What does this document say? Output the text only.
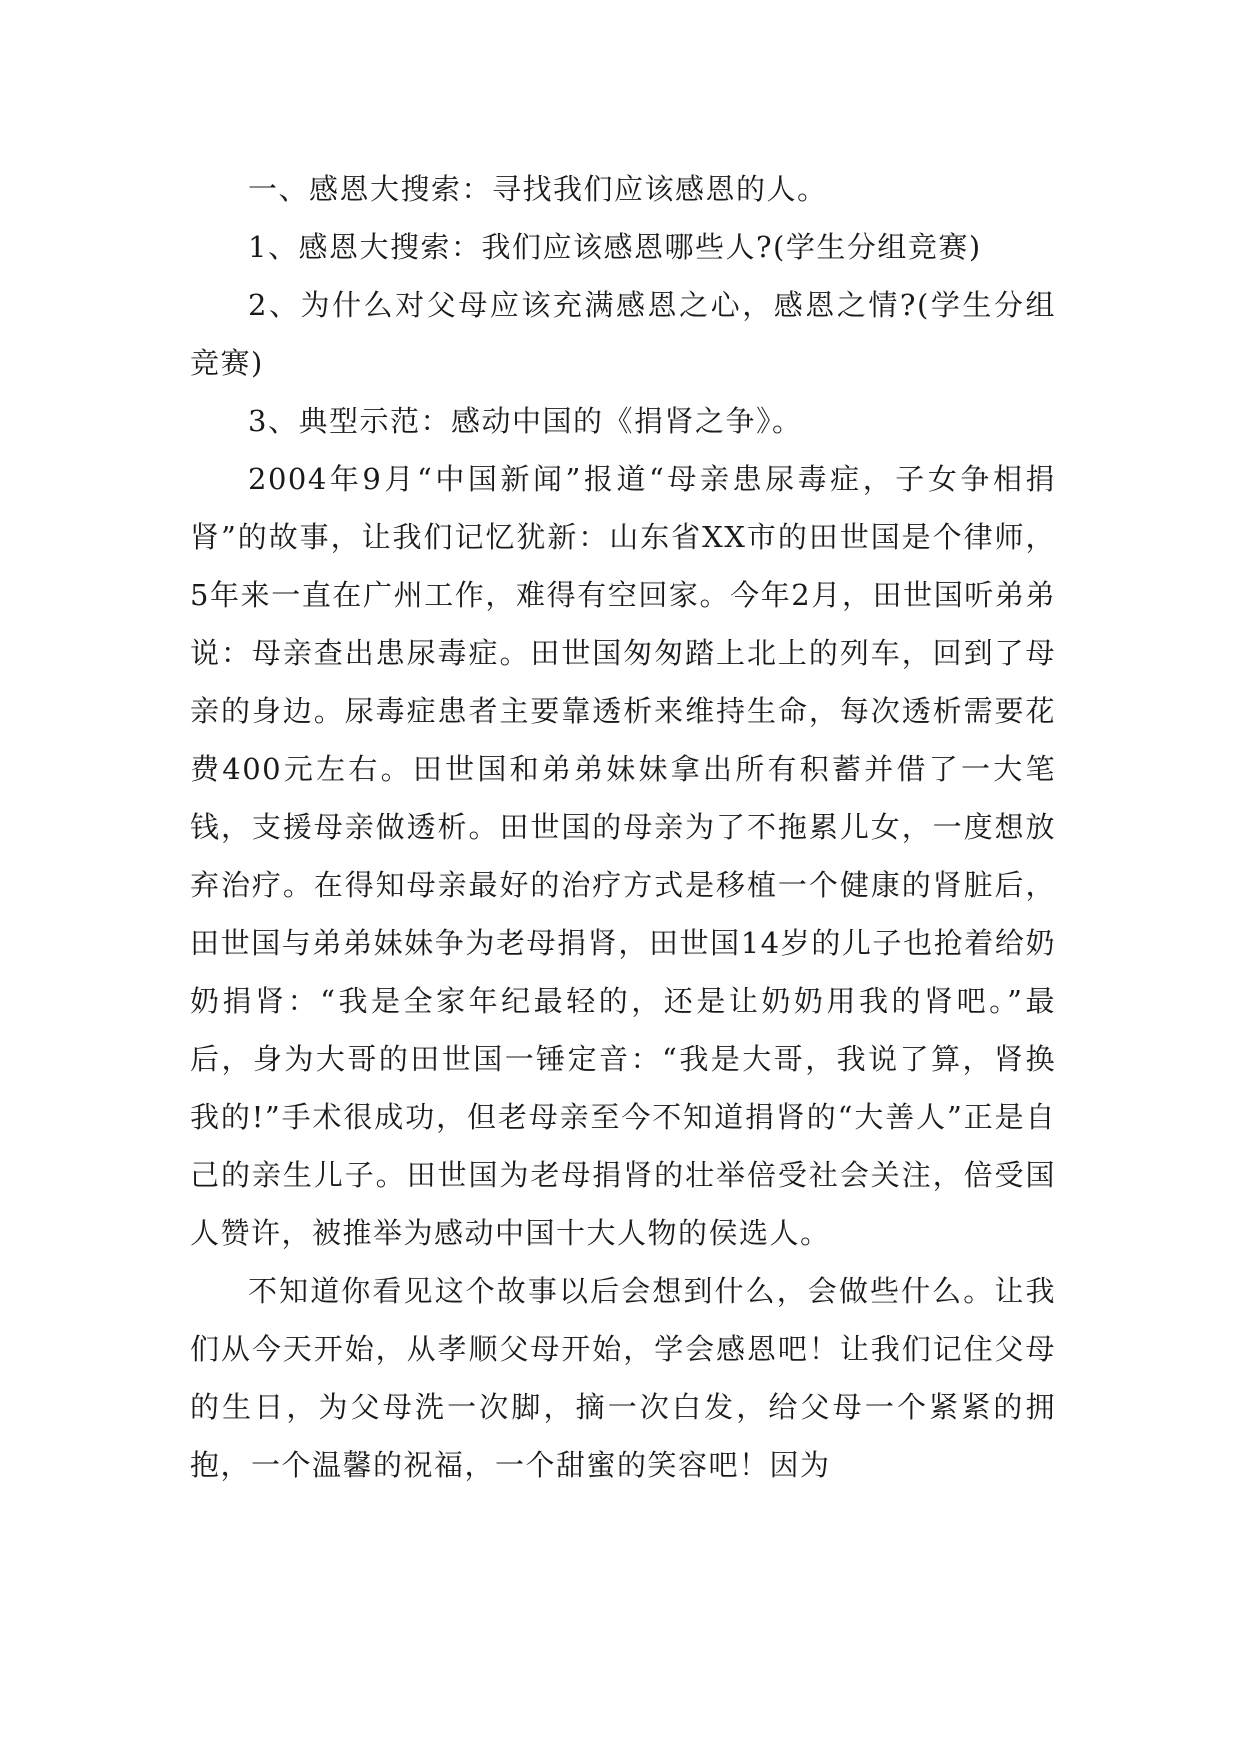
一、感恩大搜索：寻找我们应该感恩的人。

1、感恩大搜索：我们应该感恩哪些人?(学生分组竞赛)

2、为什么对父母应该充满感恩之心，感恩之情?(学生分组竞赛)

3、典型示范：感动中国的《捐肾之争》。

2004年9月“中国新闻”报道“母亲患尿毒症，子女争相捐肾”的故事，让我们记忆犹新：山东省XX市的田世国是个律师，5年来一直在广州工作，难得有空回家。今年2月，田世国听弟弟说：母亲查出患尿毒症。田世国匆匆踏上北上的列车，回到了母亲的身边。尿毒症患者主要靠透析来维持生命，每次透析需要花费400元左右。田世国和弟弟妹妹拿出所有积蓄并借了一大笔钱，支援母亲做透析。田世国的母亲为了不拖累儿女，一度想放弃治疗。在得知母亲最好的治疗方式是移植一个健康的肾脏后，田世国与弟弟妹妹争为老母捐肾，田世国14岁的儿子也抢着给奶奶捐肾：“我是全家年纪最轻的，还是让奶奶用我的肾吧。”最后，身为大哥的田世国一锤定音：“我是大哥，我说了算，肾换我的!”手术很成功，但老母亲至今不知道捐肾的“大善人”正是自己的亲生儿子。田世国为老母捐肾的壮举倍受社会关注，倍受国人赞许，被推举为感动中国十大人物的侯选人。

不知道你看见这个故事以后会想到什么，会做些什么。让我们从今天开始，从孝顺父母开始，学会感恩吧！让我们记住父母的生日，为父母洗一次脚，摘一次白发，给父母一个紧紧的拥抱，一个温馨的祝福，一个甜蜜的笑容吧！因为
